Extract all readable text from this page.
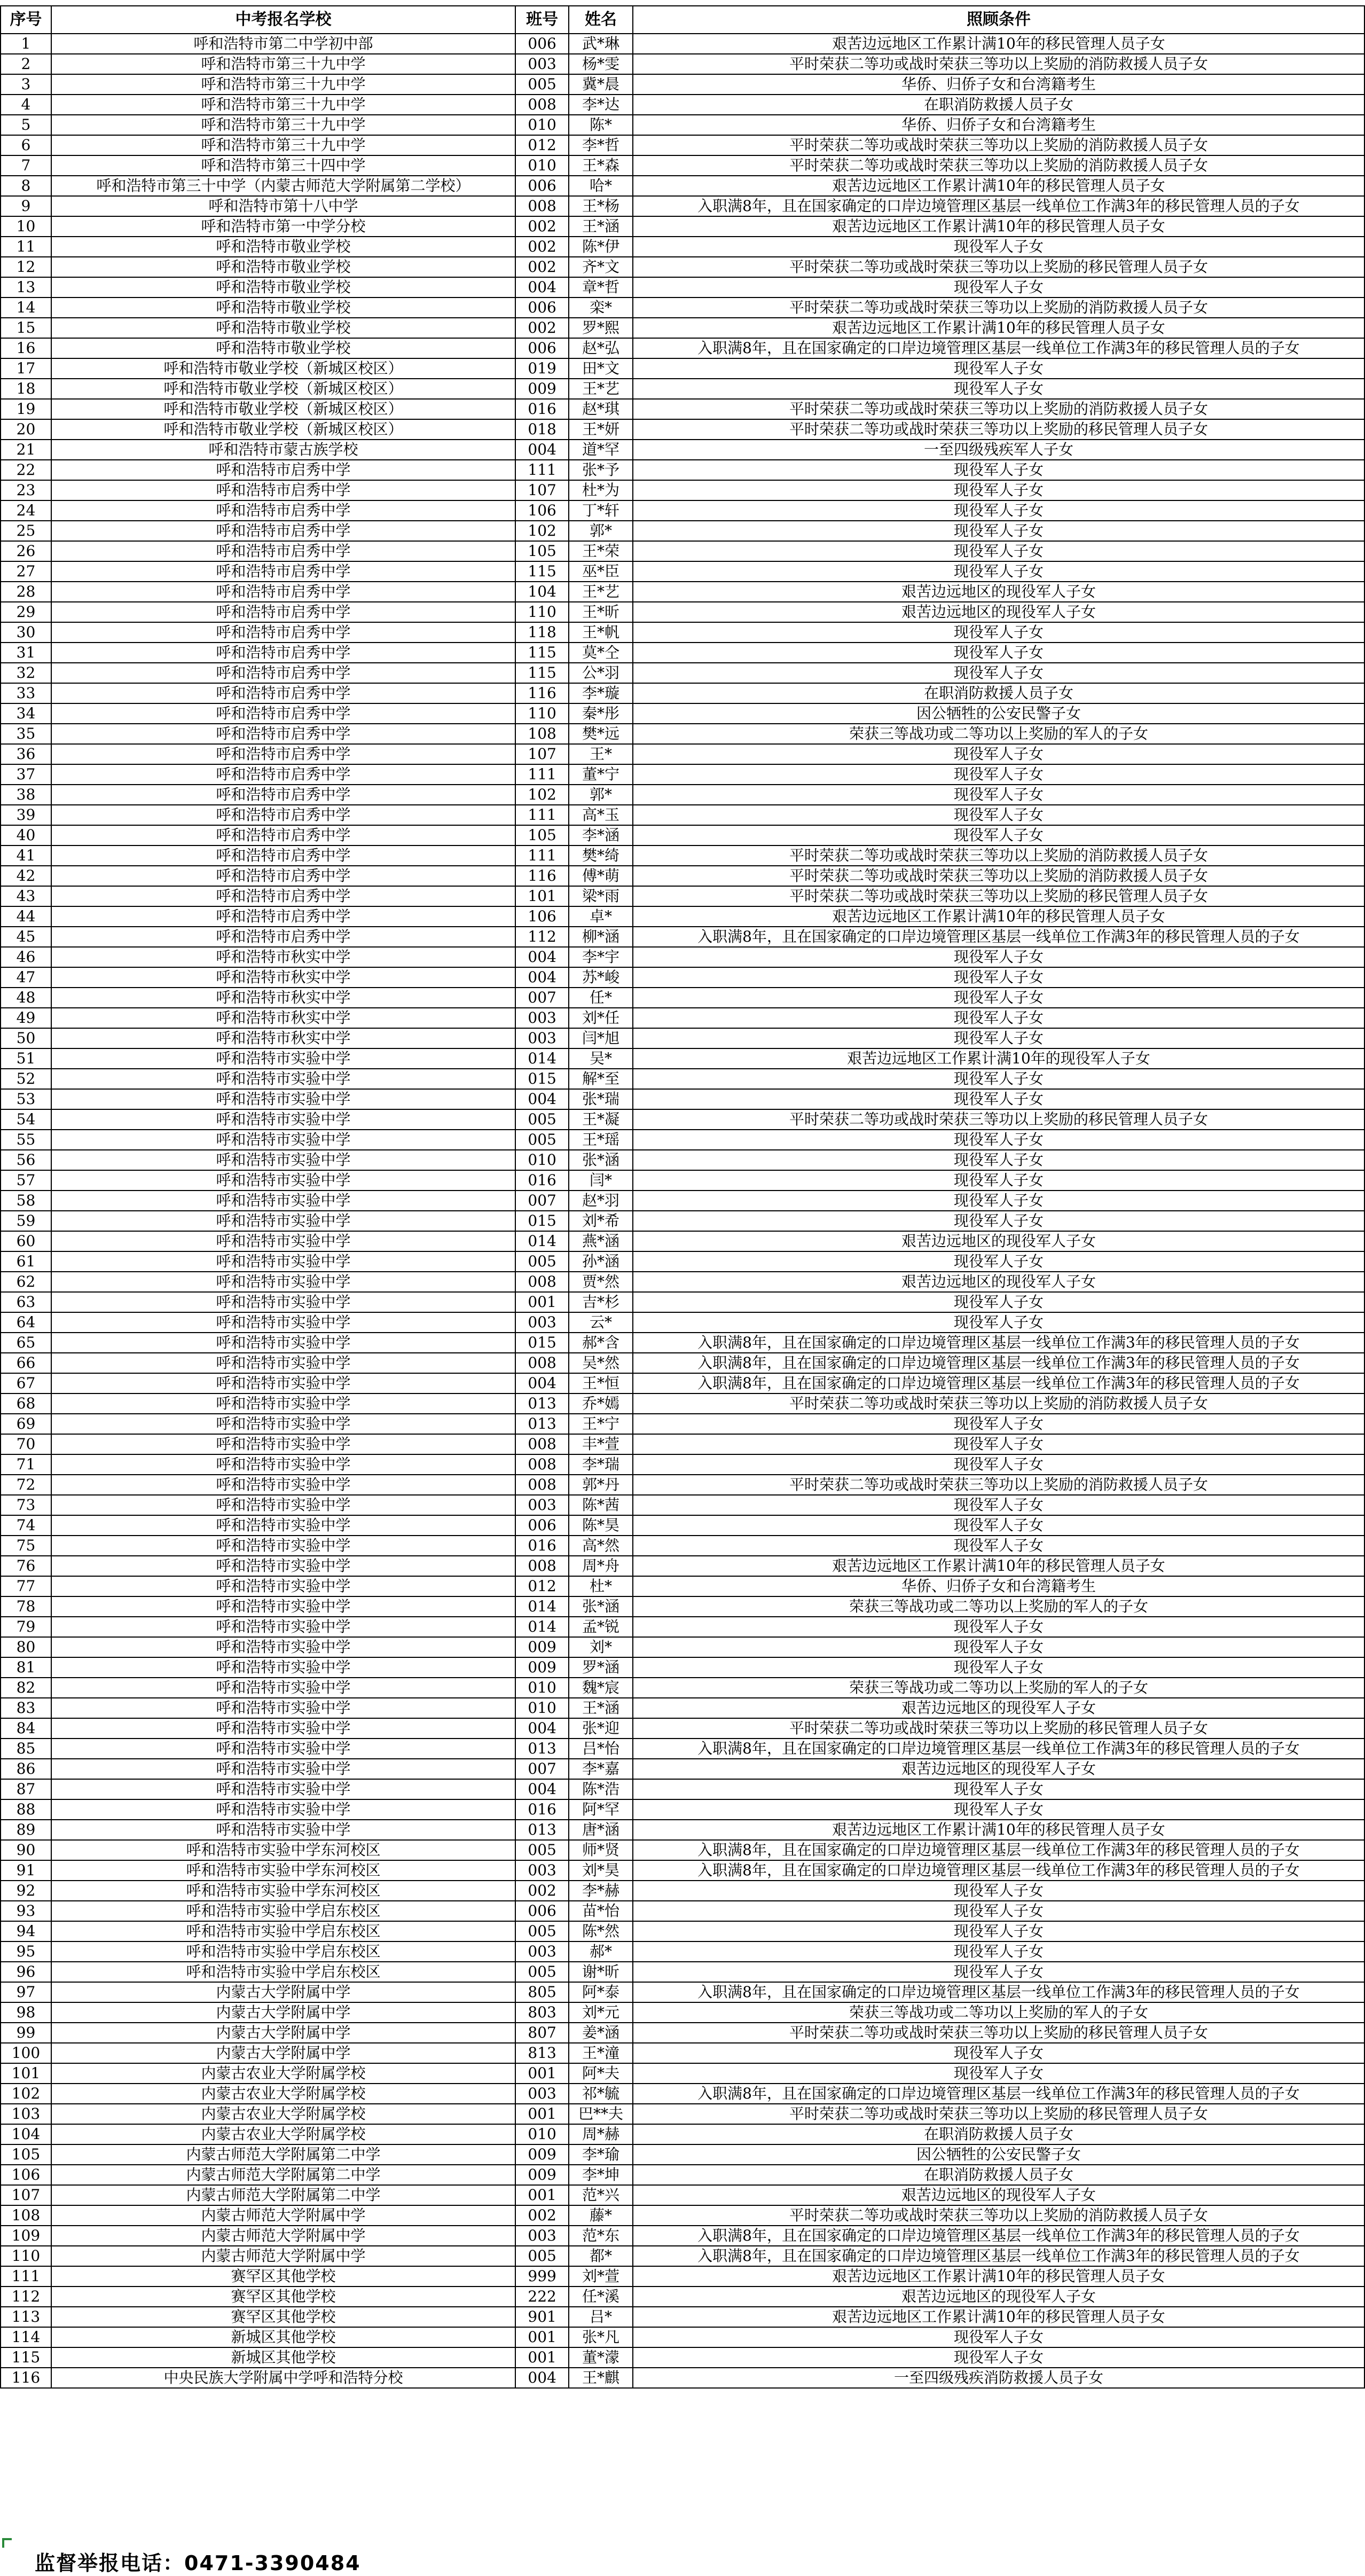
序号	中考报名学校	班号	姓名	照顾条件
1	呼和浩特市第二中学初中部	006	武*琳	艰苦边远地区工作累计满10年的移民管理人员子女
2	呼和浩特市第三十九中学	003	杨*雯	平时荣获二等功或战时荣获三等功以上奖励的消防救援人员子女
3	呼和浩特市第三十九中学	005	冀*晨	华侨、归侨子女和台湾籍考生
4	呼和浩特市第三十九中学	008	李*达	在职消防救援人员子女
5	呼和浩特市第三十九中学	010	陈*	华侨、归侨子女和台湾籍考生
6	呼和浩特市第三十九中学	012	李*哲	平时荣获二等功或战时荣获三等功以上奖励的消防救援人员子女
7	呼和浩特市第三十四中学	010	王*森	平时荣获二等功或战时荣获三等功以上奖励的消防救援人员子女
8	呼和浩特市第三十中学（内蒙古师范大学附属第二学校）	006	哈*	艰苦边远地区工作累计满10年的移民管理人员子女
9	呼和浩特市第十八中学	008	王*杨	入职满8年，且在国家确定的口岸边境管理区基层一线单位工作满3年的移民管理人员的子女
10	呼和浩特市第一中学分校	002	王*涵	艰苦边远地区工作累计满10年的移民管理人员子女
11	呼和浩特市敬业学校	002	陈*伊	现役军人子女
12	呼和浩特市敬业学校	002	齐*文	平时荣获二等功或战时荣获三等功以上奖励的移民管理人员子女
13	呼和浩特市敬业学校	004	章*哲	现役军人子女
14	呼和浩特市敬业学校	006	栾*	平时荣获二等功或战时荣获三等功以上奖励的消防救援人员子女
15	呼和浩特市敬业学校	002	罗*熙	艰苦边远地区工作累计满10年的移民管理人员子女
16	呼和浩特市敬业学校	006	赵*弘	入职满8年，且在国家确定的口岸边境管理区基层一线单位工作满3年的移民管理人员的子女
17	呼和浩特市敬业学校（新城区校区）	019	田*文	现役军人子女
18	呼和浩特市敬业学校（新城区校区）	009	王*艺	现役军人子女
19	呼和浩特市敬业学校（新城区校区）	016	赵*琪	平时荣获二等功或战时荣获三等功以上奖励的消防救援人员子女
20	呼和浩特市敬业学校（新城区校区）	018	王*妍	平时荣获二等功或战时荣获三等功以上奖励的移民管理人员子女
21	呼和浩特市蒙古族学校	004	道*罕	一至四级残疾军人子女
22	呼和浩特市启秀中学	111	张*予	现役军人子女
23	呼和浩特市启秀中学	107	杜*为	现役军人子女
24	呼和浩特市启秀中学	106	丁*轩	现役军人子女
25	呼和浩特市启秀中学	102	郭*	现役军人子女
26	呼和浩特市启秀中学	105	王*荣	现役军人子女
27	呼和浩特市启秀中学	115	巫*臣	现役军人子女
28	呼和浩特市启秀中学	104	王*艺	艰苦边远地区的现役军人子女
29	呼和浩特市启秀中学	110	王*昕	艰苦边远地区的现役军人子女
30	呼和浩特市启秀中学	118	王*帆	现役军人子女
31	呼和浩特市启秀中学	115	莫*仝	现役军人子女
32	呼和浩特市启秀中学	115	公*羽	现役军人子女
33	呼和浩特市启秀中学	116	李*璇	在职消防救援人员子女
34	呼和浩特市启秀中学	110	秦*彤	因公牺牲的公安民警子女
35	呼和浩特市启秀中学	108	樊*远	荣获三等战功或二等功以上奖励的军人的子女
36	呼和浩特市启秀中学	107	王*	现役军人子女
37	呼和浩特市启秀中学	111	董*宁	现役军人子女
38	呼和浩特市启秀中学	102	郭*	现役军人子女
39	呼和浩特市启秀中学	111	高*玉	现役军人子女
40	呼和浩特市启秀中学	105	李*涵	现役军人子女
41	呼和浩特市启秀中学	111	樊*绮	平时荣获二等功或战时荣获三等功以上奖励的消防救援人员子女
42	呼和浩特市启秀中学	116	傅*萌	平时荣获二等功或战时荣获三等功以上奖励的消防救援人员子女
43	呼和浩特市启秀中学	101	梁*雨	平时荣获二等功或战时荣获三等功以上奖励的移民管理人员子女
44	呼和浩特市启秀中学	106	卓*	艰苦边远地区工作累计满10年的移民管理人员子女
45	呼和浩特市启秀中学	112	柳*涵	入职满8年，且在国家确定的口岸边境管理区基层一线单位工作满3年的移民管理人员的子女
46	呼和浩特市秋实中学	004	李*宇	现役军人子女
47	呼和浩特市秋实中学	004	苏*峻	现役军人子女
48	呼和浩特市秋实中学	007	任*	现役军人子女
49	呼和浩特市秋实中学	003	刘*任	现役军人子女
50	呼和浩特市秋实中学	003	闫*旭	现役军人子女
51	呼和浩特市实验中学	014	吴*	艰苦边远地区工作累计满10年的现役军人子女
52	呼和浩特市实验中学	015	解*至	现役军人子女
53	呼和浩特市实验中学	004	张*瑞	现役军人子女
54	呼和浩特市实验中学	005	王*凝	平时荣获二等功或战时荣获三等功以上奖励的移民管理人员子女
55	呼和浩特市实验中学	005	王*瑶	现役军人子女
56	呼和浩特市实验中学	010	张*涵	现役军人子女
57	呼和浩特市实验中学	016	闫*	现役军人子女
58	呼和浩特市实验中学	007	赵*羽	现役军人子女
59	呼和浩特市实验中学	015	刘*希	现役军人子女
60	呼和浩特市实验中学	014	燕*涵	艰苦边远地区的现役军人子女
61	呼和浩特市实验中学	005	孙*涵	现役军人子女
62	呼和浩特市实验中学	008	贾*然	艰苦边远地区的现役军人子女
63	呼和浩特市实验中学	001	吉*杉	现役军人子女
64	呼和浩特市实验中学	003	云*	现役军人子女
65	呼和浩特市实验中学	015	郝*含	入职满8年，且在国家确定的口岸边境管理区基层一线单位工作满3年的移民管理人员的子女
66	呼和浩特市实验中学	008	吴*然	入职满8年，且在国家确定的口岸边境管理区基层一线单位工作满3年的移民管理人员的子女
67	呼和浩特市实验中学	004	王*恒	入职满8年，且在国家确定的口岸边境管理区基层一线单位工作满3年的移民管理人员的子女
68	呼和浩特市实验中学	013	乔*嫣	平时荣获二等功或战时荣获三等功以上奖励的消防救援人员子女
69	呼和浩特市实验中学	013	王*宁	现役军人子女
70	呼和浩特市实验中学	008	丰*萱	现役军人子女
71	呼和浩特市实验中学	008	李*瑞	现役军人子女
72	呼和浩特市实验中学	008	郭*丹	平时荣获二等功或战时荣获三等功以上奖励的消防救援人员子女
73	呼和浩特市实验中学	003	陈*茜	现役军人子女
74	呼和浩特市实验中学	006	陈*昊	现役军人子女
75	呼和浩特市实验中学	016	高*然	现役军人子女
76	呼和浩特市实验中学	008	周*舟	艰苦边远地区工作累计满10年的移民管理人员子女
77	呼和浩特市实验中学	012	杜*	华侨、归侨子女和台湾籍考生
78	呼和浩特市实验中学	014	张*涵	荣获三等战功或二等功以上奖励的军人的子女
79	呼和浩特市实验中学	014	孟*锐	现役军人子女
80	呼和浩特市实验中学	009	刘*	现役军人子女
81	呼和浩特市实验中学	009	罗*涵	现役军人子女
82	呼和浩特市实验中学	010	魏*宸	荣获三等战功或二等功以上奖励的军人的子女
83	呼和浩特市实验中学	010	王*涵	艰苦边远地区的现役军人子女
84	呼和浩特市实验中学	004	张*迎	平时荣获二等功或战时荣获三等功以上奖励的移民管理人员子女
85	呼和浩特市实验中学	013	吕*怡	入职满8年，且在国家确定的口岸边境管理区基层一线单位工作满3年的移民管理人员的子女
86	呼和浩特市实验中学	007	李*嘉	艰苦边远地区的现役军人子女
87	呼和浩特市实验中学	004	陈*浩	现役军人子女
88	呼和浩特市实验中学	016	阿*罕	现役军人子女
89	呼和浩特市实验中学	013	唐*涵	艰苦边远地区工作累计满10年的移民管理人员子女
90	呼和浩特市实验中学东河校区	005	师*贤	入职满8年，且在国家确定的口岸边境管理区基层一线单位工作满3年的移民管理人员的子女
91	呼和浩特市实验中学东河校区	003	刘*昊	入职满8年，且在国家确定的口岸边境管理区基层一线单位工作满3年的移民管理人员的子女
92	呼和浩特市实验中学东河校区	002	李*赫	现役军人子女
93	呼和浩特市实验中学启东校区	006	苗*怡	现役军人子女
94	呼和浩特市实验中学启东校区	005	陈*然	现役军人子女
95	呼和浩特市实验中学启东校区	003	郝*	现役军人子女
96	呼和浩特市实验中学启东校区	005	谢*昕	现役军人子女
97	内蒙古大学附属中学	805	阿*泰	入职满8年，且在国家确定的口岸边境管理区基层一线单位工作满3年的移民管理人员的子女
98	内蒙古大学附属中学	803	刘*元	荣获三等战功或二等功以上奖励的军人的子女
99	内蒙古大学附属中学	807	姜*涵	平时荣获二等功或战时荣获三等功以上奖励的移民管理人员子女
100	内蒙古大学附属中学	813	王*潼	现役军人子女
101	内蒙古农业大学附属学校	001	阿*夫	现役军人子女
102	内蒙古农业大学附属学校	003	祁*毓	入职满8年，且在国家确定的口岸边境管理区基层一线单位工作满3年的移民管理人员的子女
103	内蒙古农业大学附属学校	001	巴**夫	平时荣获二等功或战时荣获三等功以上奖励的移民管理人员子女
104	内蒙古农业大学附属学校	010	周*赫	在职消防救援人员子女
105	内蒙古师范大学附属第二中学	009	李*瑜	因公牺牲的公安民警子女
106	内蒙古师范大学附属第二中学	009	李*坤	在职消防救援人员子女
107	内蒙古师范大学附属第二中学	001	范*兴	艰苦边远地区的现役军人子女
108	内蒙古师范大学附属中学	002	藤*	平时荣获二等功或战时荣获三等功以上奖励的消防救援人员子女
109	内蒙古师范大学附属中学	003	范*东	入职满8年，且在国家确定的口岸边境管理区基层一线单位工作满3年的移民管理人员的子女
110	内蒙古师范大学附属中学	005	都*	入职满8年，且在国家确定的口岸边境管理区基层一线单位工作满3年的移民管理人员的子女
111	赛罕区其他学校	999	刘*萱	艰苦边远地区工作累计满10年的移民管理人员子女
112	赛罕区其他学校	222	任*溪	艰苦边远地区的现役军人子女
113	赛罕区其他学校	901	吕*	艰苦边远地区工作累计满10年的移民管理人员子女
114	新城区其他学校	001	张*凡	现役军人子女
115	新城区其他学校	001	董*濛	现役军人子女
116	中央民族大学附属中学呼和浩特分校	004	王*麒	一至四级残疾消防救援人员子女
监督举报电话：0471-3390484
